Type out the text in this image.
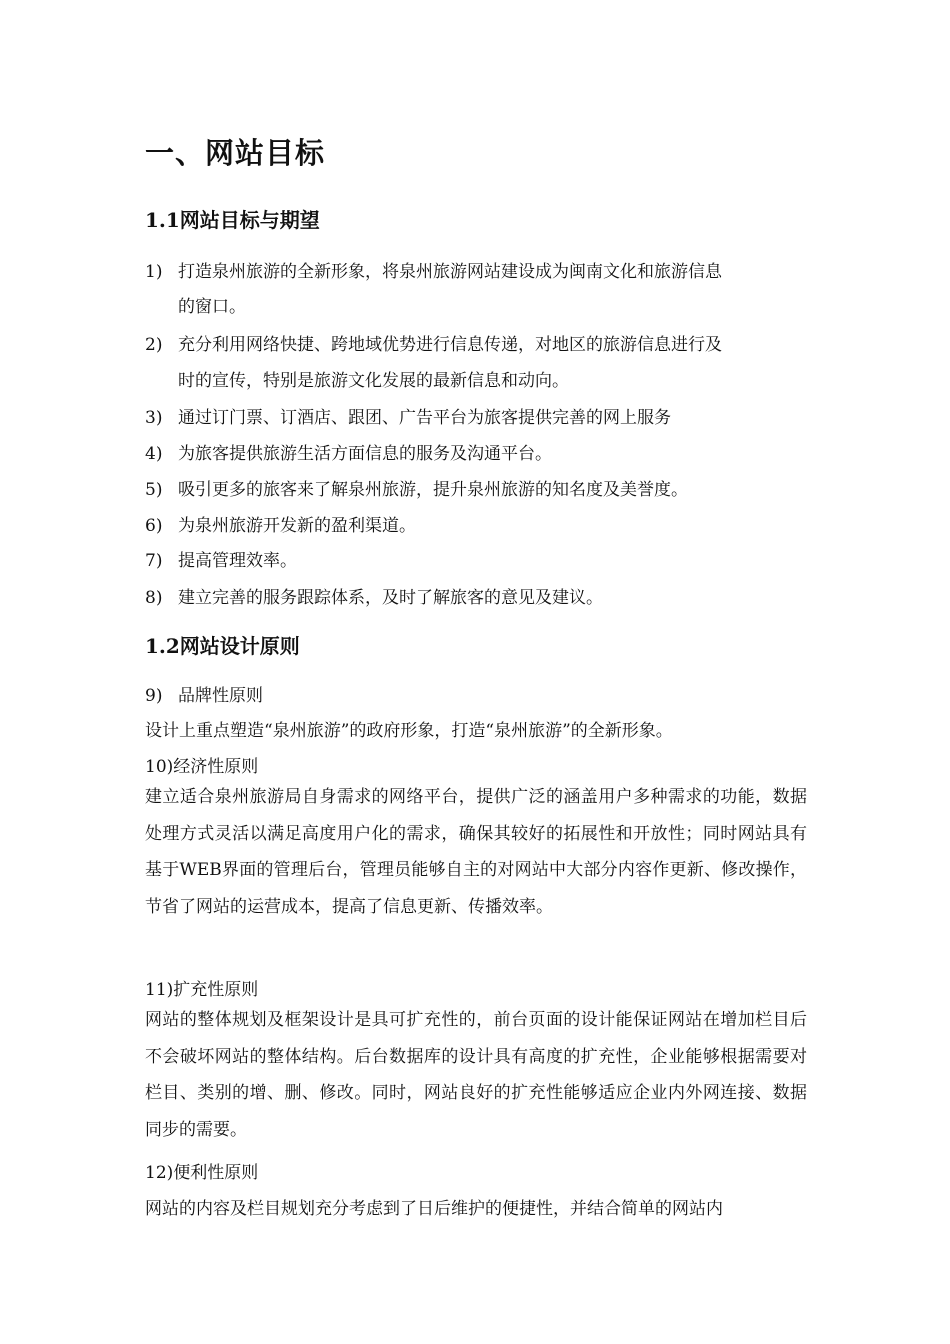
一、网站目标
1.1网站目标与期望
1) 打造泉州旅游的全新形象，将泉州旅游网站建设成为闽南文化和旅游信息
的窗口。
2) 充分利用网络快捷、跨地域优势进行信息传递，对地区的旅游信息进行及
时的宣传，特别是旅游文化发展的最新信息和动向。
3) 通过订门票、订酒店、跟团、广告平台为旅客提供完善的网上服务
4) 为旅客提供旅游生活方面信息的服务及沟通平台。
5) 吸引更多的旅客来了解泉州旅游，提升泉州旅游的知名度及美誉度。
6) 为泉州旅游开发新的盈利渠道。
7) 提高管理效率。
8) 建立完善的服务跟踪体系，及时了解旅客的意见及建议。
1.2网站设计原则
9) 品牌性原则
设计上重点塑造“泉州旅游”的政府形象，打造“泉州旅游”的全新形象。
10)经济性原则
建立适合泉州旅游局自身需求的网络平台，提供广泛的涵盖用户多种需求的功能，数据处理方式灵活以满足高度用户化的需求，确保其较好的拓展性和开放性；同时网站具有基于WEB界面的管理后台，管理员能够自主的对网站中大部分内容作更新、修改操作，节省了网站的运营成本，提高了信息更新、传播效率。
11)扩充性原则
网站的整体规划及框架设计是具可扩充性的，前台页面的设计能保证网站在增加栏目后不会破坏网站的整体结构。后台数据库的设计具有高度的扩充性，企业能够根据需要对栏目、类别的增、删、修改。同时，网站良好的扩充性能够适应企业内外网连接、数据同步的需要。
12)便利性原则
网站的内容及栏目规划充分考虑到了日后维护的便捷性，并结合简单的网站内
